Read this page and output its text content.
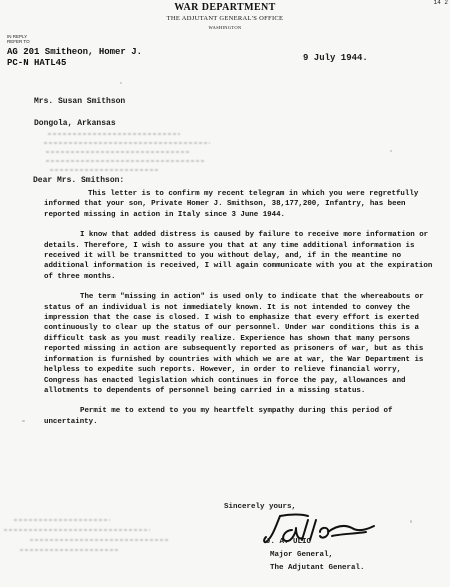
14 2
WAR DEPARTMENT
THE ADJUTANT GENERAL'S OFFICE
WASHINGTON
IN REPLY
REFER TO
AG 201 Smitheon, Homer J.
PC-N HATL45	9 July 1944.
Mrs. Susan Smithson
Dongola, Arkansas
Dear Mrs. Smithson:

This letter is to confirm my recent telegram in which you were regretfully informed that your son, Private Homer J. Smithson, 38,177,200, Infantry, has been reported missing in action in Italy since 3 June 1944.

I know that added distress is caused by failure to receive more information or details. Therefore, I wish to assure you that at any time additional information is received it will be transmitted to you without delay, and, if in the meantime no additional information is received, I will again communicate with you at the expiration of three months.

The term "missing in action" is used only to indicate that the whereabouts or status of an individual is not immediately known. It is not intended to convey the impression that the case is closed. I wish to emphasize that every effort is exerted continuously to clear up the status of our personnel. Under war conditions this is a difficult task as you must readily realize. Experience has shown that many persons reported missing in action are subsequently reported as prisoners of war, but as this information is furnished by countries with which we are at war, the War Department is helpless to expedite such reports. However, in order to relieve financial worry, Congress has enacted legislation which continues in force the pay, allowances and allotments to dependents of personnel being carried in a missing status.

Permit me to extend to you my heartfelt sympathy during this period of uncertainty.

Sincerely yours,
J. A. ULIO
Major General,
The Adjutant General.
